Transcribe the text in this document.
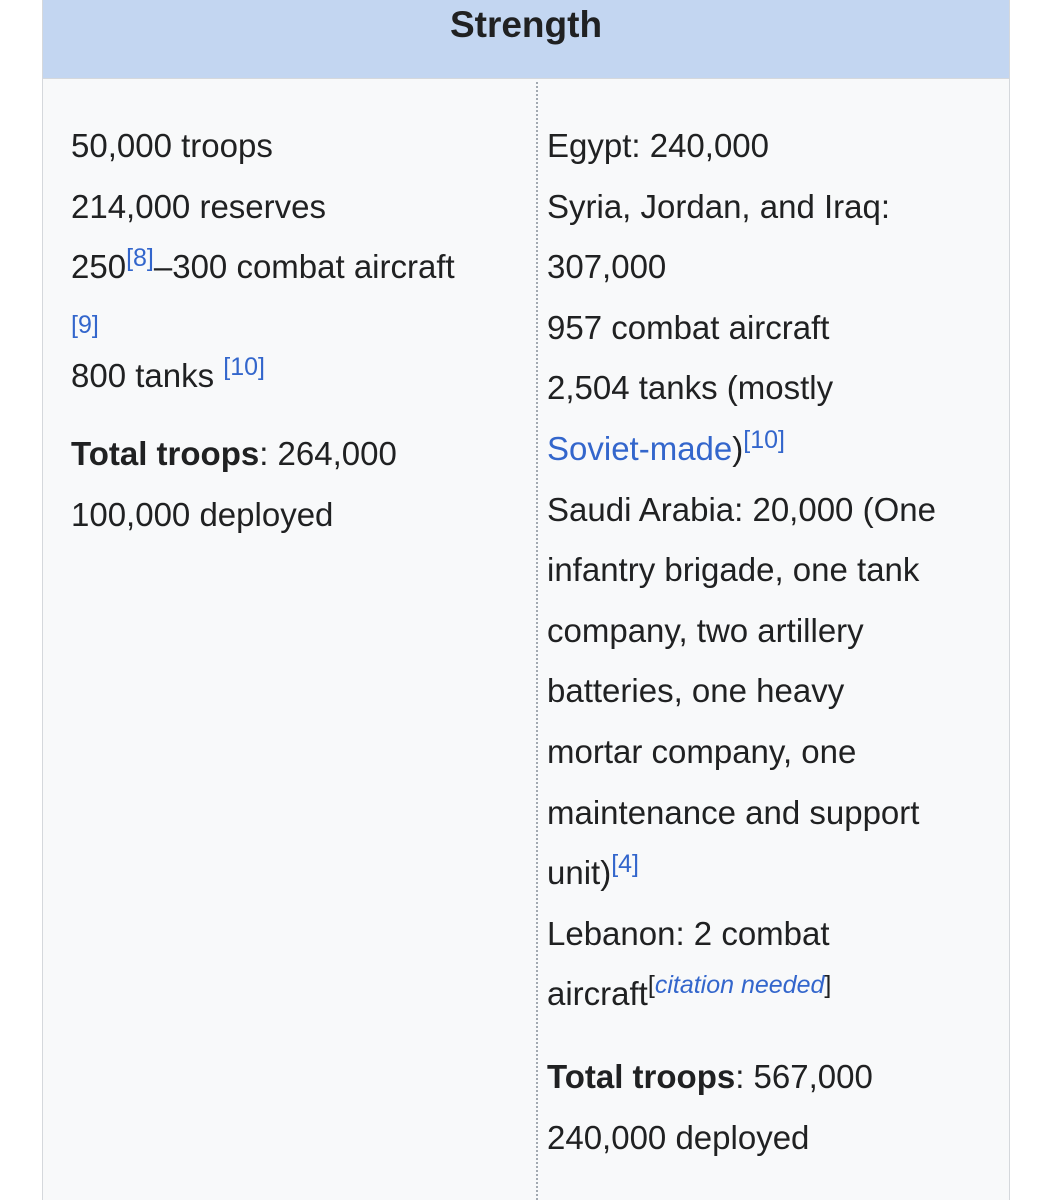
Strength
50,000 troops
214,000 reserves
250[8]–300 combat aircraft
[9]
800 tanks [10]
Total troops: 264,000
100,000 deployed
Egypt: 240,000
Syria, Jordan, and Iraq:
307,000
957 combat aircraft
2,504 tanks (mostly
Soviet-made)[10]
Saudi Arabia: 20,000 (One
infantry brigade, one tank
company, two artillery
batteries, one heavy
mortar company, one
maintenance and support
unit)[4]
Lebanon: 2 combat
aircraft[citation needed]
Total troops: 567,000
240,000 deployed
